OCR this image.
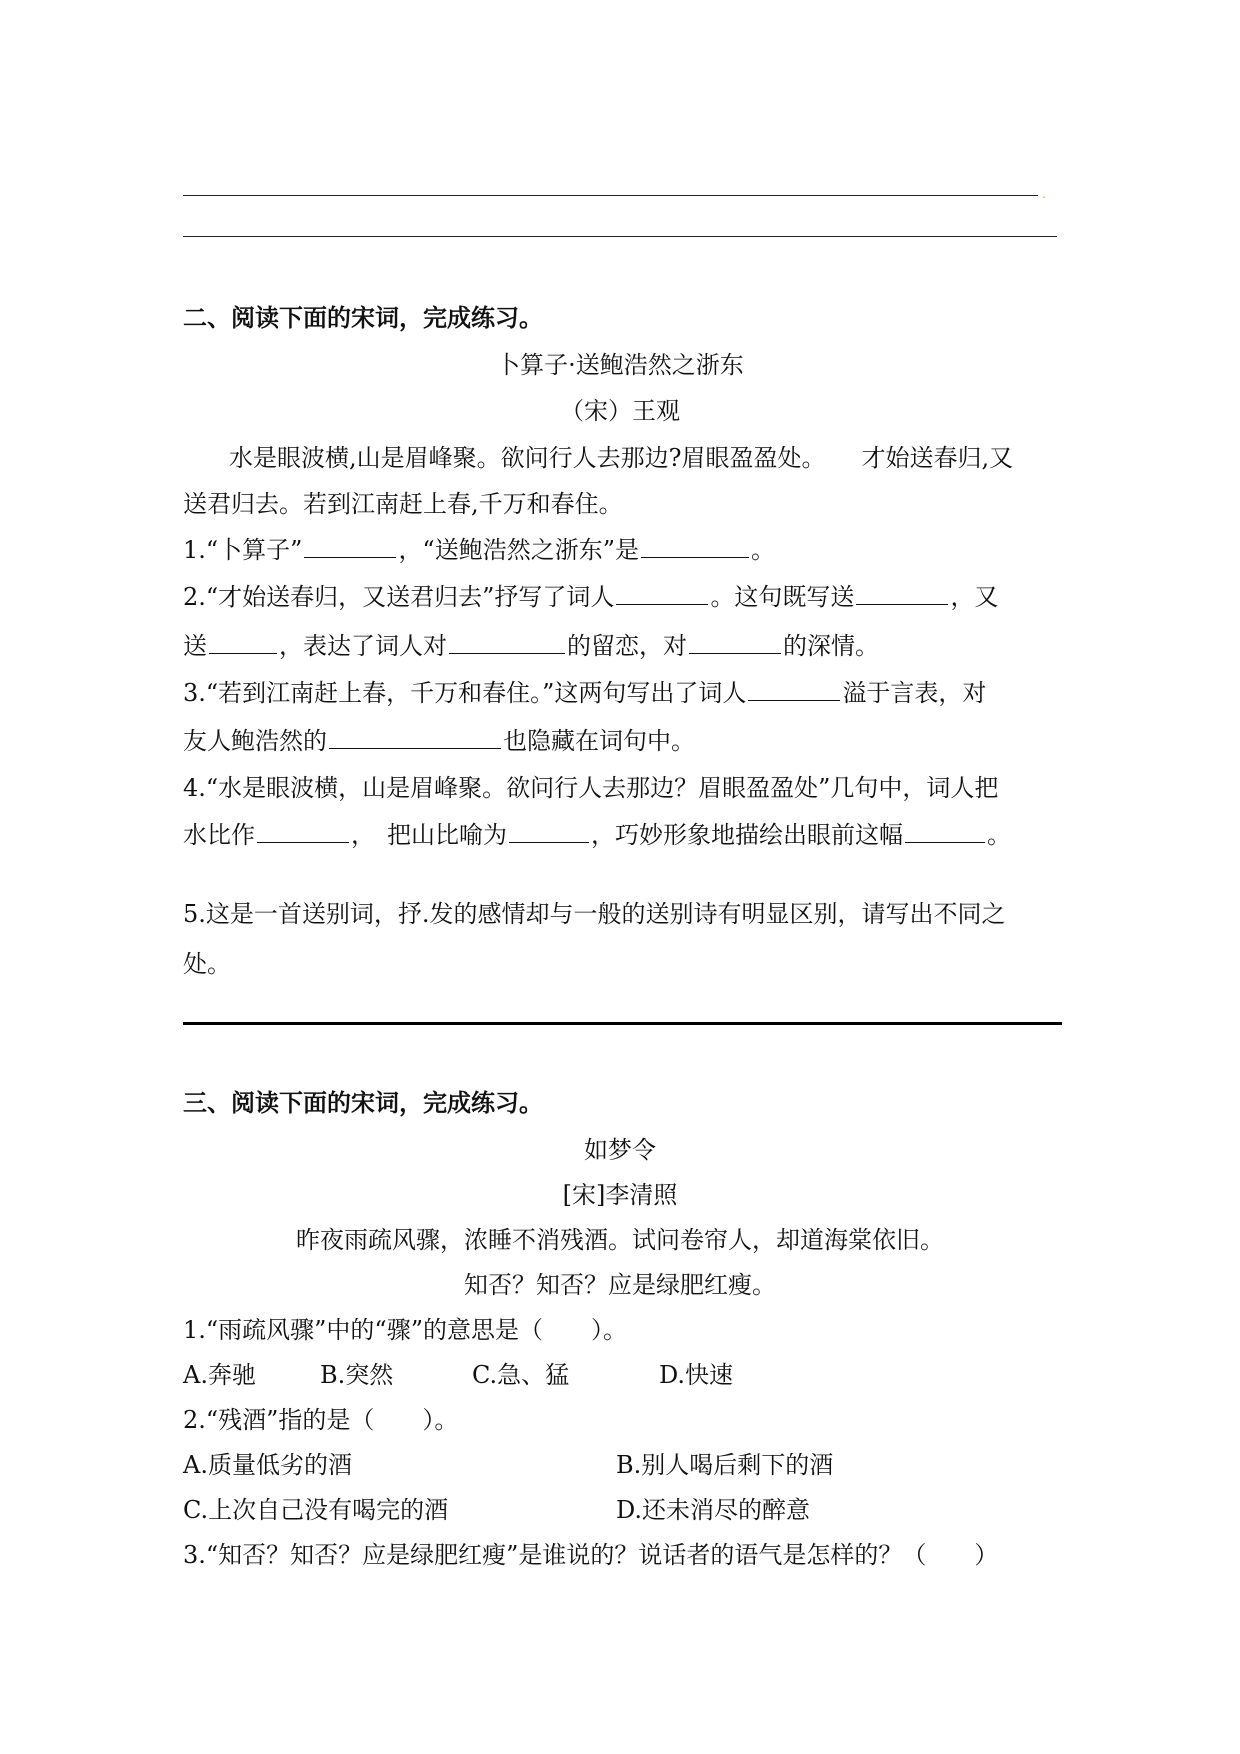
.
二、阅读下面的宋词，完成练习。
卜算子·送鲍浩然之浙东
（宋）王观
水是眼波横,山是眉峰聚。欲问行人去那边?眉眼盈盈处。　　才始送春归,又
送君归去。若到江南赶上春,千万和春住。
1.“卜算子”	，“送鲍浩然之浙东”是	。
2.“才始送春归，又送君归去”抒写了词人	。这句既写送	，又
送	，表达了词人对	的留恋，对	的深情。
3.“若到江南赶上春，千万和春住。”这两句写出了词人	溢于言表，对
友人鲍浩然的	也隐藏在词句中。
4.“水是眼波横，山是眉峰聚。欲问行人去那边？眉眼盈盈处”几句中，词人把
水比作	，　把山比喻为	，巧妙形象地描绘出眼前这幅	。
5.这是一首送别词，抒.发的感情却与一般的送别诗有明显区别，请写出不同之
处。
三、阅读下面的宋词，完成练习。
如梦令
[宋]李清照
昨夜雨疏风骤，浓睡不消残酒。试问卷帘人，却道海棠依旧。
知否？知否？应是绿肥红瘦。
1.“雨疏风骤”中的“骤”的意思是（　　）。
A.奔驰	B.突然	C.急、猛	D.快速
2.“残酒”指的是（　　）。
A.质量低劣的酒	B.别人喝后剩下的酒
C.上次自己没有喝完的酒	D.还未消尽的醉意
3.“知否？知否？应是绿肥红瘦”是谁说的？说话者的语气是怎样的？（　　）
